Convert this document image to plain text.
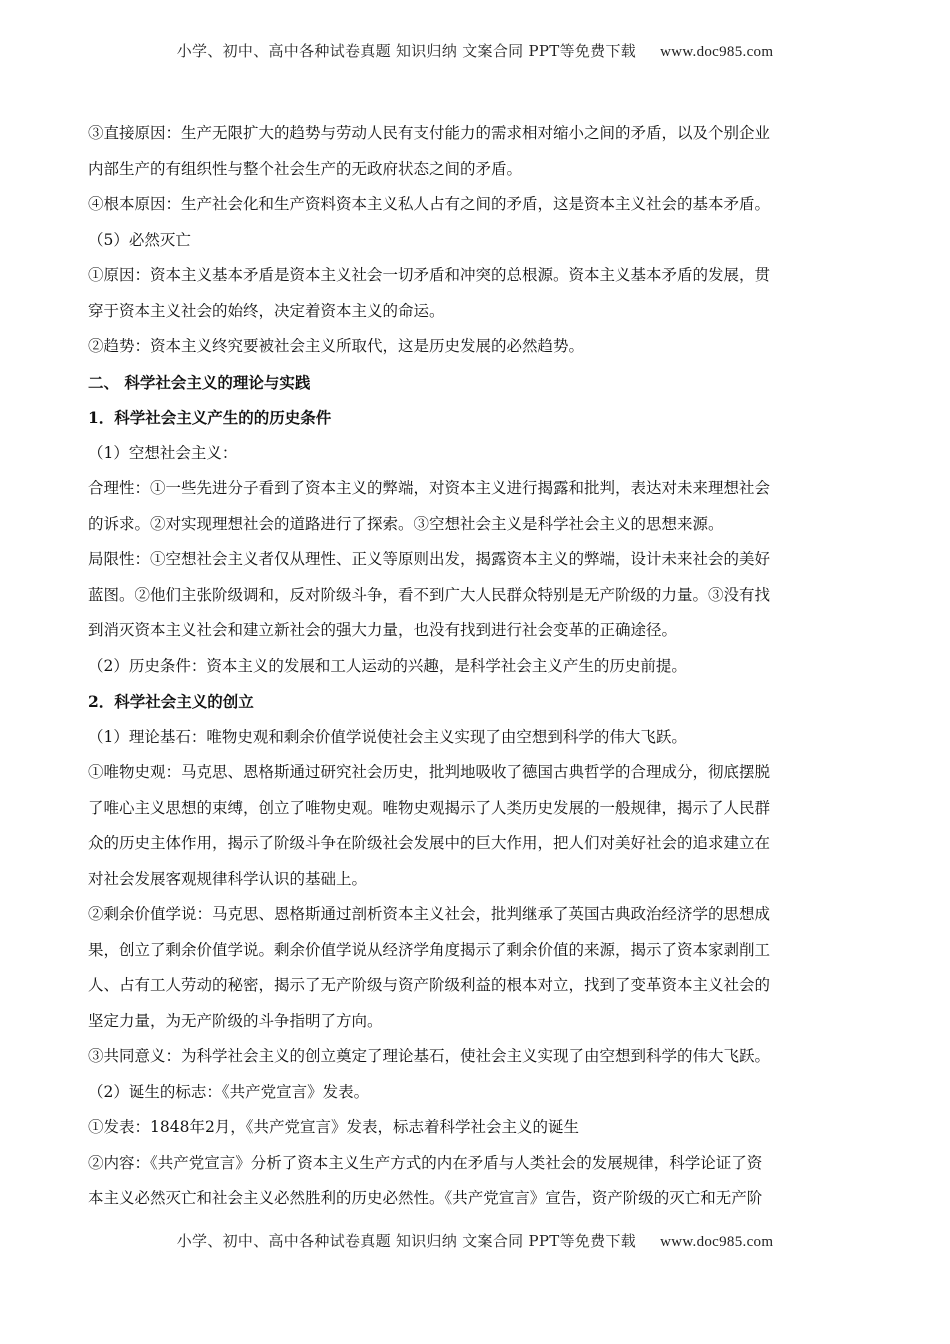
小学、初中、高中各种试卷真题 知识归纳 文案合同 PPT等免费下载 www.doc985.com
③直接原因：生产无限扩大的趋势与劳动人民有支付能力的需求相对缩小之间的矛盾，以及个别企业
内部生产的有组织性与整个社会生产的无政府状态之间的矛盾。
④根本原因：生产社会化和生产资料资本主义私人占有之间的矛盾，这是资本主义社会的基本矛盾。
（5）必然灭亡
①原因：资本主义基本矛盾是资本主义社会一切矛盾和冲突的总根源。资本主义基本矛盾的发展，贯
穿于资本主义社会的始终，决定着资本主义的命运。
②趋势：资本主义终究要被社会主义所取代，这是历史发展的必然趋势。
二、 科学社会主义的理论与实践
1．科学社会主义产生的的历史条件
（1）空想社会主义：
合理性：①一些先进分子看到了资本主义的弊端，对资本主义进行揭露和批判，表达对未来理想社会
的诉求。②对实现理想社会的道路进行了探索。③空想社会主义是科学社会主义的思想来源。
局限性：①空想社会主义者仅从理性、正义等原则出发，揭露资本主义的弊端，设计未来社会的美好
蓝图。②他们主张阶级调和，反对阶级斗争，看不到广大人民群众特别是无产阶级的力量。③没有找
到消灭资本主义社会和建立新社会的强大力量，也没有找到进行社会变革的正确途径。
（2）历史条件：资本主义的发展和工人运动的兴趣，是科学社会主义产生的历史前提。
2．科学社会主义的创立
（1）理论基石：唯物史观和剩余价值学说使社会主义实现了由空想到科学的伟大飞跃。
①唯物史观：马克思、恩格斯通过研究社会历史，批判地吸收了德国古典哲学的合理成分，彻底摆脱
了唯心主义思想的束缚，创立了唯物史观。唯物史观揭示了人类历史发展的一般规律，揭示了人民群
众的历史主体作用，揭示了阶级斗争在阶级社会发展中的巨大作用，把人们对美好社会的追求建立在
对社会发展客观规律科学认识的基础上。
②剩余价值学说：马克思、恩格斯通过剖析资本主义社会，批判继承了英国古典政治经济学的思想成
果，创立了剩余价值学说。剩余价值学说从经济学角度揭示了剩余价值的来源，揭示了资本家剥削工
人、占有工人劳动的秘密，揭示了无产阶级与资产阶级利益的根本对立，找到了变革资本主义社会的
坚定力量，为无产阶级的斗争指明了方向。
③共同意义：为科学社会主义的创立奠定了理论基石，使社会主义实现了由空想到科学的伟大飞跃。
（2）诞生的标志：《共产党宣言》发表。
①发表：1848年2月，《共产党宣言》发表，标志着科学社会主义的诞生
②内容：《共产党宣言》分析了资本主义生产方式的内在矛盾与人类社会的发展规律，科学论证了资
本主义必然灭亡和社会主义必然胜利的历史必然性。《共产党宣言》宣告，资产阶级的灭亡和无产阶
小学、初中、高中各种试卷真题 知识归纳 文案合同 PPT等免费下载 www.doc985.com
